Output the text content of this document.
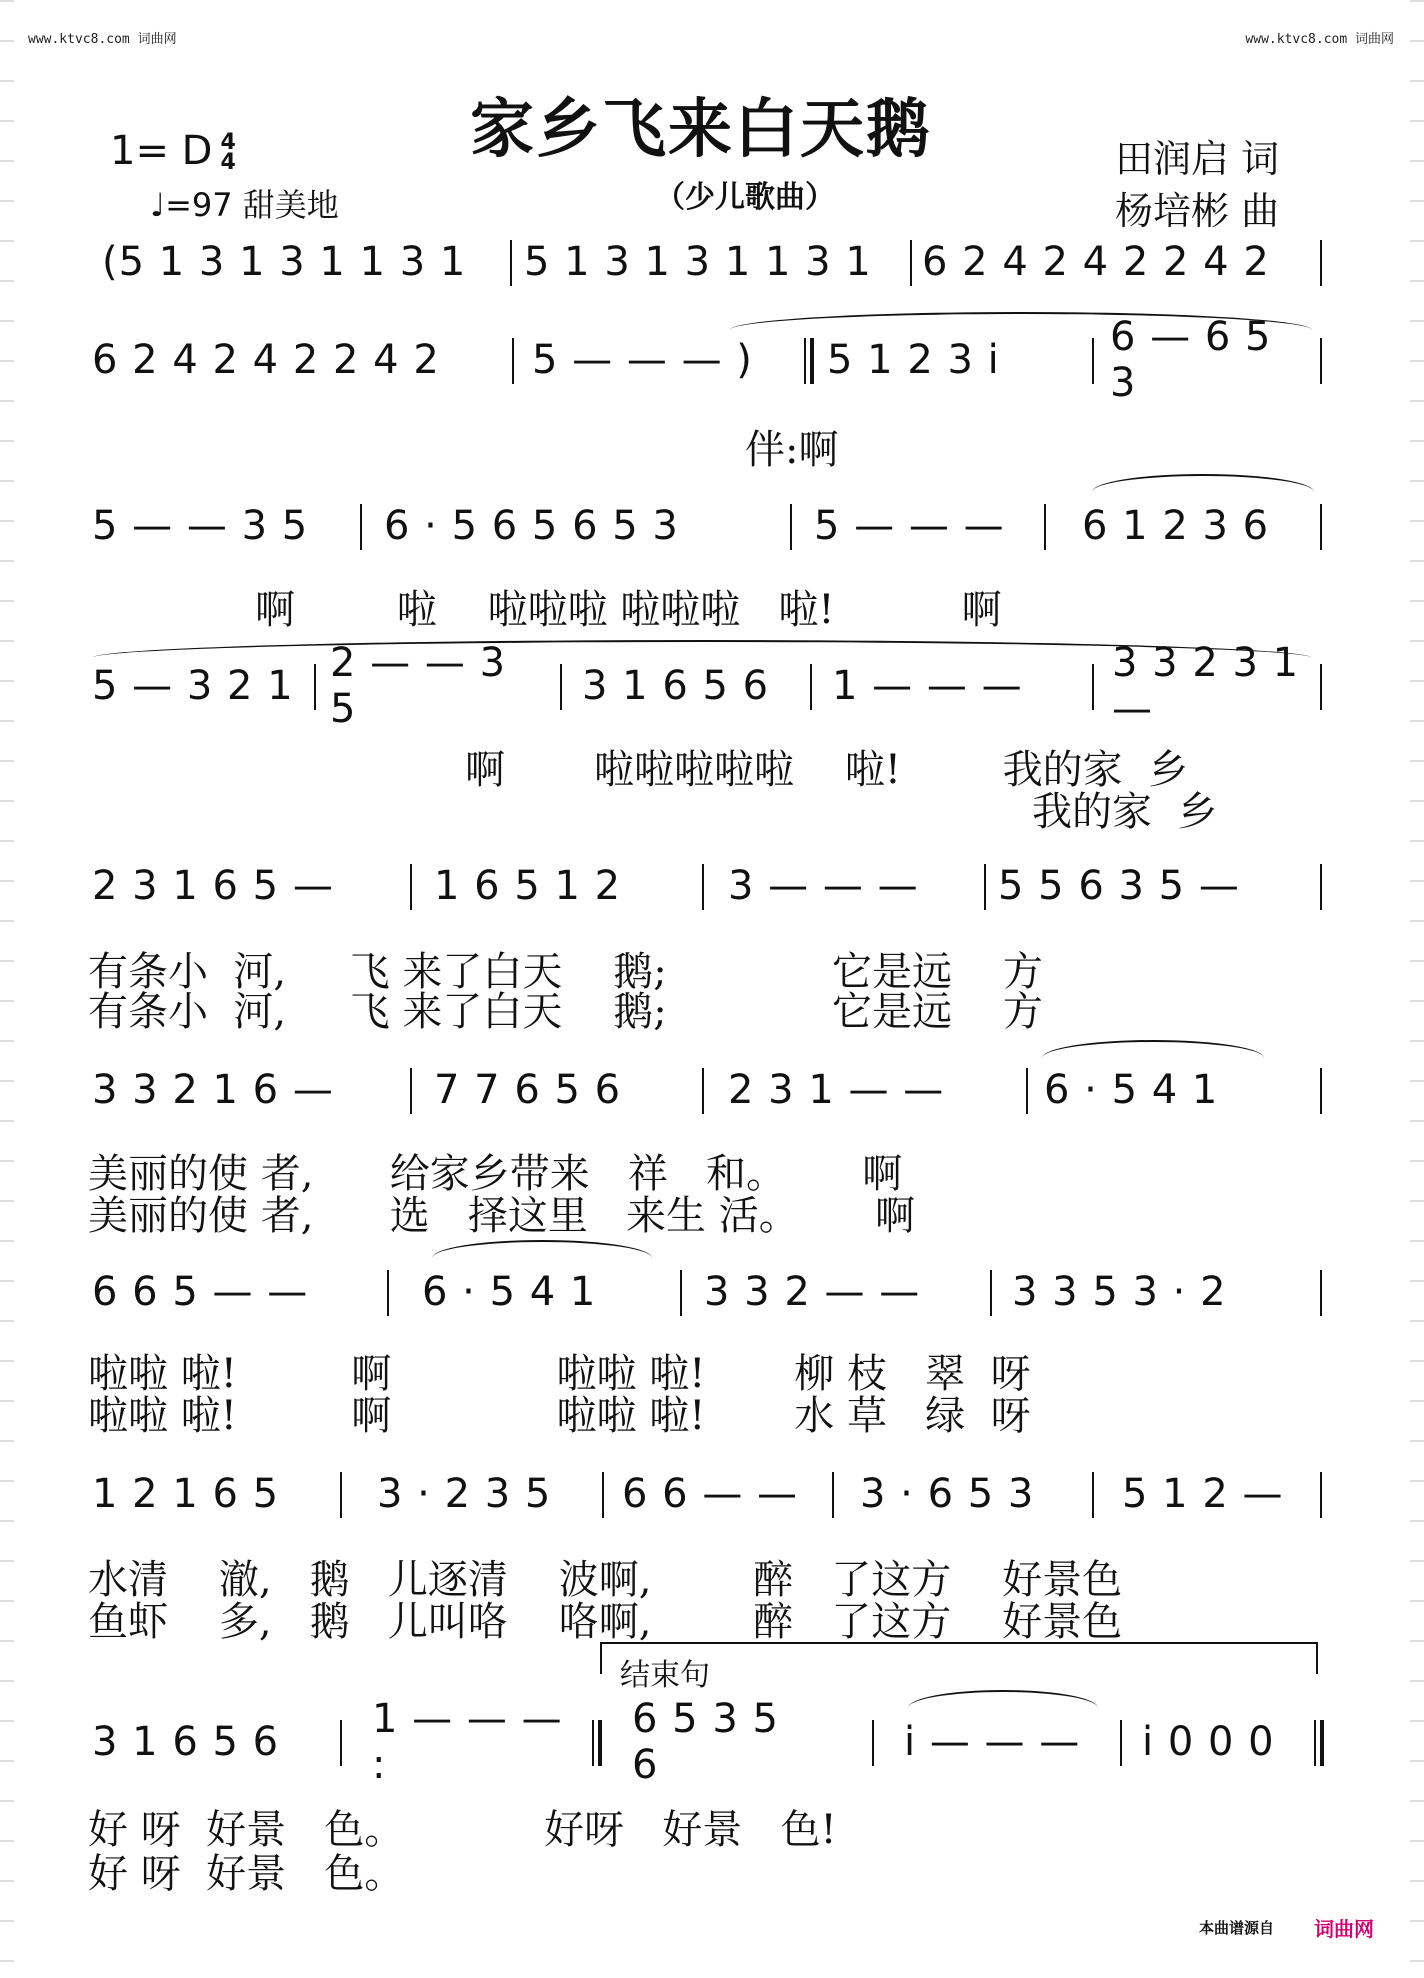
www.ktvc8.com 词曲网	www.ktvc8.com 词曲网
家乡飞来白天鹅
（少儿歌曲）
1= D 4
4
♩=97 甜美地
田润启 词
杨培彬 曲
(5 1 3 1 3 1 1 3 1	5 1 3 1 3 1 1 3 1	6 2 4 2 4 2 2 4 2
6 2 4 2 4 2 2 4 2	5 — — — )	5 1 2 3 i	6 — 6 5 3
伴:啊
5 — — 3 5	6 · 5 6 5 6 5 3	5 — — —	6 1 2 3 6
啊        啦    啦啦啦 啦啦啦   啦!          啊
5 — 3 2 1 2 — — 3 5	3 1 6 5 6	1 — — —	3 3 2 3 1 —
啊       啦啦啦啦啦    啦!        我的家  乡
我的家  乡
2 3 1 6 5 —	1 6 5 1 2	3 — — —	5 5 6 3 5 —
有条小  河,     飞 来了白天    鹅;             它是远    方
有条小  河,     飞 来了白天    鹅;             它是远    方
3 3 2 1 6 —	7 7 6 5 6	2 3 1 — —	6 · 5 4 1
美丽的使 者,      给家乡带来   祥   和。      啊
美丽的使 者,      选   择这里   来生 活。      啊
6 6 5 — —	6 · 5 4 1	3 3 2 — —	3 3 5 3 · 2
啦啦 啦!         啊             啦啦 啦!       柳 枝   翠  呀
啦啦 啦!         啊             啦啦 啦!       水 草   绿  呀
1 2 1 6 5	3 · 2 3 5	6 6 — — 3 · 6 5 3	5 1 2 —
水清    澈,   鹅   儿逐清    波啊,        醉   了这方    好景色
鱼虾    多,   鹅   儿叫咯    咯啊,        醉   了这方    好景色
结束句
3 1 6 5 6	1 — — — :
6 5 3 5 6	i — — —	i 0 0 0
好 呀  好景   色。           好呀   好景   色!
好 呀  好景   色。
本曲谱源自 词曲网
